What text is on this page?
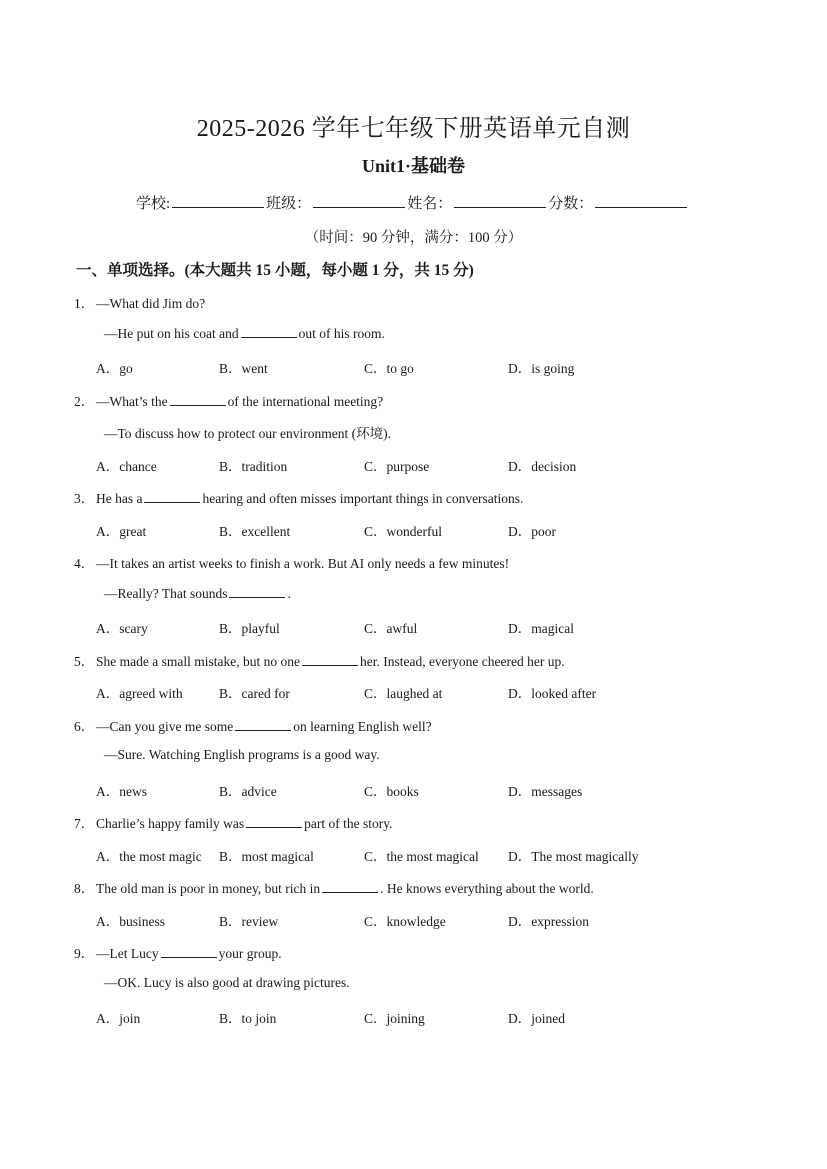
2025-2026 学年七年级下册英语单元自测
Unit1·基础卷
学校:	班级：	姓名：	分数：
（时间：90 分钟，满分：100 分）
一、单项选择。(本大题共 15 小题，每小题 1 分，共 15 分)
1． —What did Jim do?
—He put on his coat and	out of his room.
A．go	B．went	C．to go	D．is going
2． —What’s the	of the international meeting?
—To discuss how to protect our environment (环境).
A．chance	B．tradition	C．purpose	D．decision
3． He has a	hearing and often misses important things in conversations.
A．great	B．excellent	C．wonderful	D．poor
4． —It takes an artist weeks to finish a work. But AI only needs a few minutes!
—Really? That sounds	.
A．scary	B．playful	C．awful	D．magical
5． She made a small mistake, but no one	her. Instead, everyone cheered her up.
A．agreed with	B．cared for	C．laughed at	D．looked after
6． —Can you give me some	on learning English well?
—Sure. Watching English programs is a good way.
A．news	B．advice	C．books	D．messages
7． Charlie’s happy family was	part of the story.
A．the most magic B．most magical	C．the most magical D．The most magically
8． The old man is poor in money, but rich in	. He knows everything about the world.
A．business	B．review	C．knowledge	D．expression
9． —Let Lucy	your group.
—OK. Lucy is also good at drawing pictures.
A．join	B．to join	C．joining	D．joined
